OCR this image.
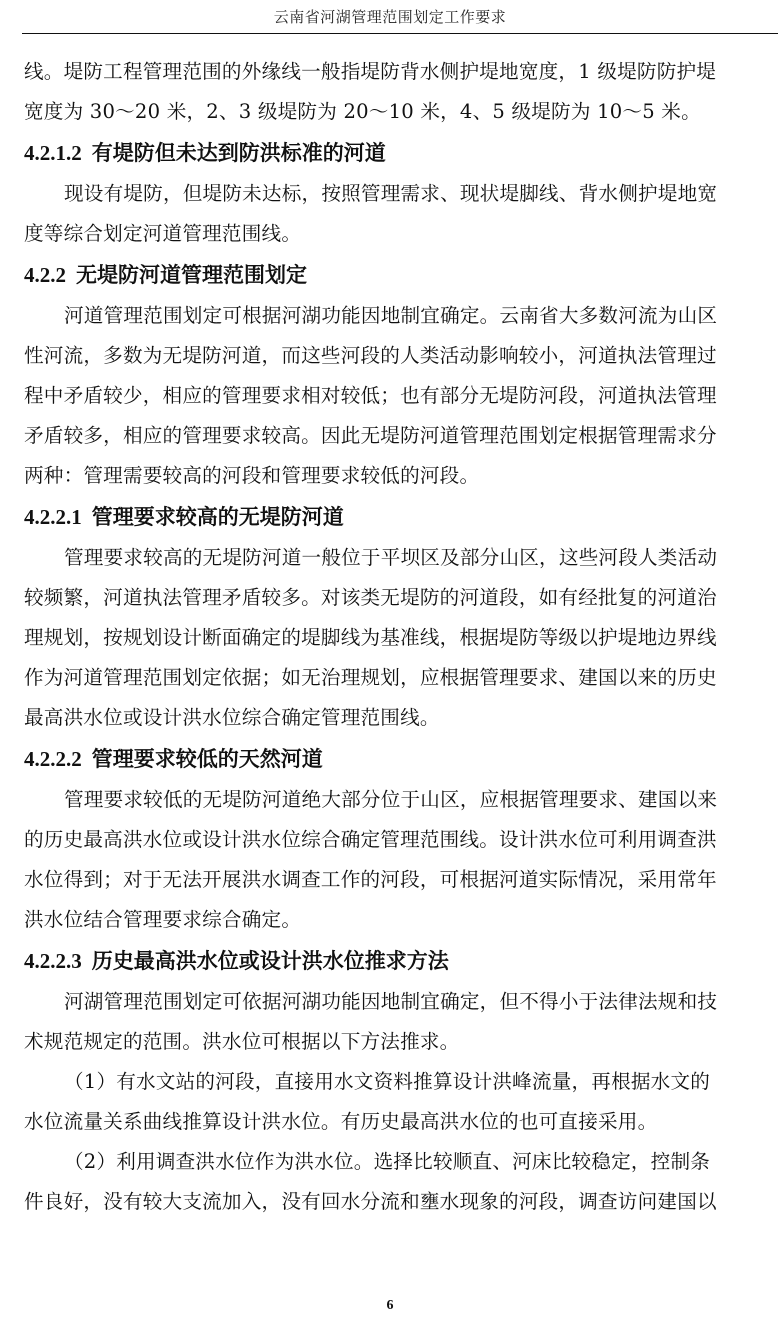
云南省河湖管理范围划定工作要求
线。堤防工程管理范围的外缘线一般指堤防背水侧护堤地宽度，1 级堤防防护堤
宽度为 30～20 米，2、3 级堤防为 20～10 米，4、5 级堤防为 10～5 米。
4.2.1.2 有堤防但未达到防洪标准的河道
现设有堤防，但堤防未达标，按照管理需求、现状堤脚线、背水侧护堤地宽
度等综合划定河道管理范围线。
4.2.2 无堤防河道管理范围划定
河道管理范围划定可根据河湖功能因地制宜确定。云南省大多数河流为山区
性河流，多数为无堤防河道，而这些河段的人类活动影响较小，河道执法管理过
程中矛盾较少，相应的管理要求相对较低；也有部分无堤防河段，河道执法管理
矛盾较多，相应的管理要求较高。因此无堤防河道管理范围划定根据管理需求分
两种：管理需要较高的河段和管理要求较低的河段。
4.2.2.1 管理要求较高的无堤防河道
管理要求较高的无堤防河道一般位于平坝区及部分山区，这些河段人类活动
较频繁，河道执法管理矛盾较多。对该类无堤防的河道段，如有经批复的河道治
理规划，按规划设计断面确定的堤脚线为基准线，根据堤防等级以护堤地边界线
作为河道管理范围划定依据；如无治理规划，应根据管理要求、建国以来的历史
最高洪水位或设计洪水位综合确定管理范围线。
4.2.2.2 管理要求较低的天然河道
管理要求较低的无堤防河道绝大部分位于山区，应根据管理要求、建国以来
的历史最高洪水位或设计洪水位综合确定管理范围线。设计洪水位可利用调查洪
水位得到；对于无法开展洪水调查工作的河段，可根据河道实际情况，采用常年
洪水位结合管理要求综合确定。
4.2.2.3 历史最高洪水位或设计洪水位推求方法
河湖管理范围划定可依据河湖功能因地制宜确定，但不得小于法律法规和技
术规范规定的范围。洪水位可根据以下方法推求。
（1）有水文站的河段，直接用水文资料推算设计洪峰流量，再根据水文的
水位流量关系曲线推算设计洪水位。有历史最高洪水位的也可直接采用。
（2）利用调查洪水位作为洪水位。选择比较顺直、河床比较稳定，控制条
件良好，没有较大支流加入，没有回水分流和壅水现象的河段，调查访问建国以
6
